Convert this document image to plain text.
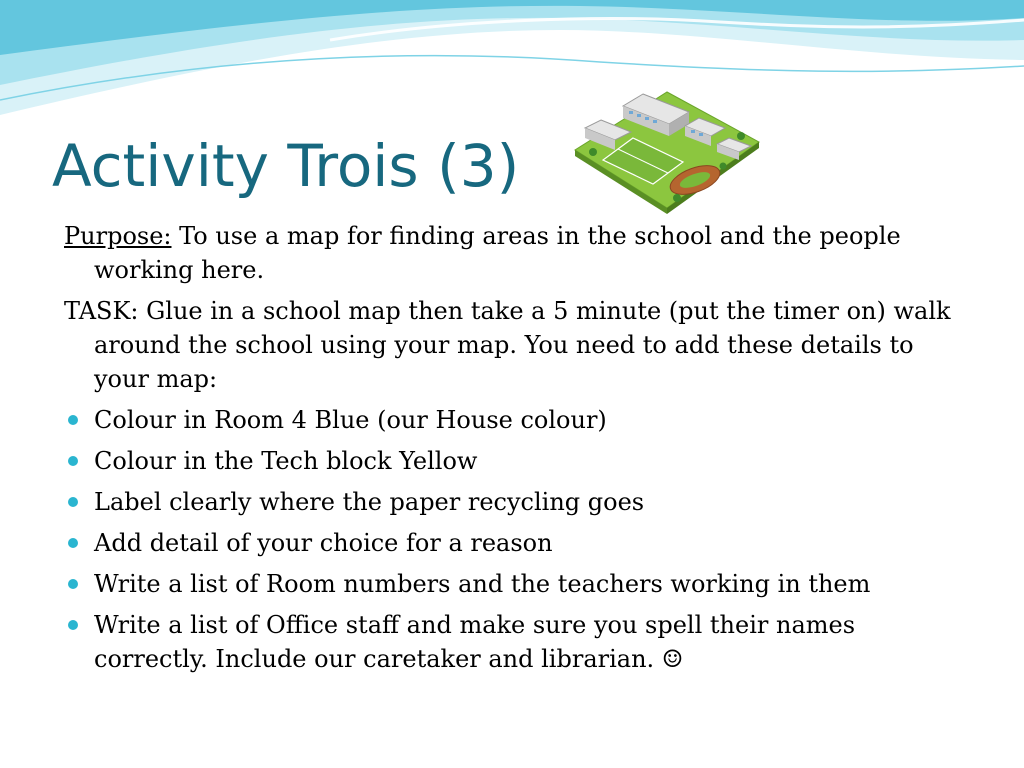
Activity Trois (3)

Purpose: To use a map for finding areas in the school and the people working here.

TASK: Glue in a school map then take a 5 minute (put the timer on) walk around the school using your map. You need to add these details to your map:

Colour in Room 4 Blue (our House colour)
Colour in the Tech block Yellow
Label clearly where the paper recycling goes
Add detail of your choice for a reason
Write a list of Room numbers and the teachers working in them
Write a list of Office staff and make sure you spell their names correctly. Include our caretaker and librarian. ☺
